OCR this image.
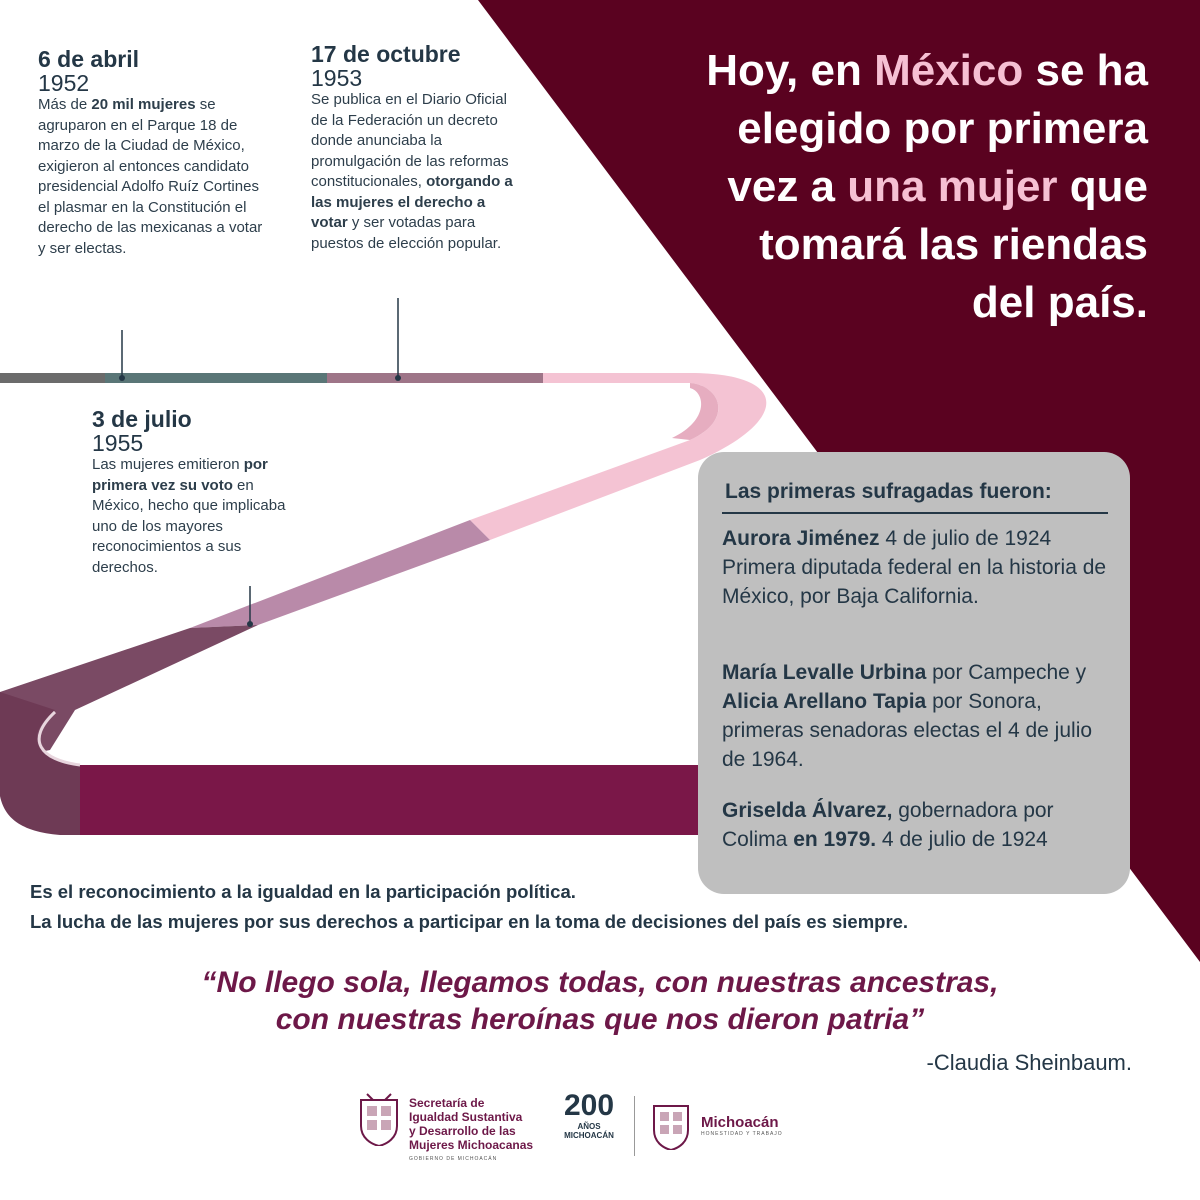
Hoy, en México se ha
elegido por primera
vez a una mujer que
tomará las riendas
del país.
6 de abril
1952
Más de 20 mil mujeres se agruparon en el Parque 18 de marzo de la Ciudad de México, exigieron al entonces candidato presidencial Adolfo Ruíz Cortines el plasmar en la Constitución el derecho de las mexicanas a votar y ser electas.
17 de octubre
1953
Se publica en el Diario Oficial de la Federación un decreto donde anunciaba la promulgación de las reformas constitucionales, otorgando a las mujeres el derecho a votar y ser votadas para puestos de elección popular.
3 de julio
1955
Las mujeres emitieron por primera vez su voto en México, hecho que implicaba uno de los mayores reconocimientos a sus derechos.
Las primeras sufragadas fueron:
Aurora Jiménez 4 de julio de 1924 Primera diputada federal en la historia de México, por Baja California.
María Levalle Urbina por Campeche y Alicia Arellano Tapia por Sonora, primeras senadoras electas el 4 de julio de 1964.
Griselda Álvarez, gobernadora por Colima en 1979. 4 de julio de 1924
Es el reconocimiento a la igualdad en la participación política.
La lucha de las mujeres por sus derechos a participar en la toma de decisiones del país es siempre.
“No llego sola, llegamos todas, con nuestras ancestras,
con nuestras heroínas que nos dieron patria”
-Claudia Sheinbaum.
Secretaría de
Igualdad Sustantiva
y Desarrollo de las
Mujeres Michoacanas
GOBIERNO DE MICHOACÁN
200
AÑOS
MICHOACÁN
Michoacán
HONESTIDAD Y TRABAJO
